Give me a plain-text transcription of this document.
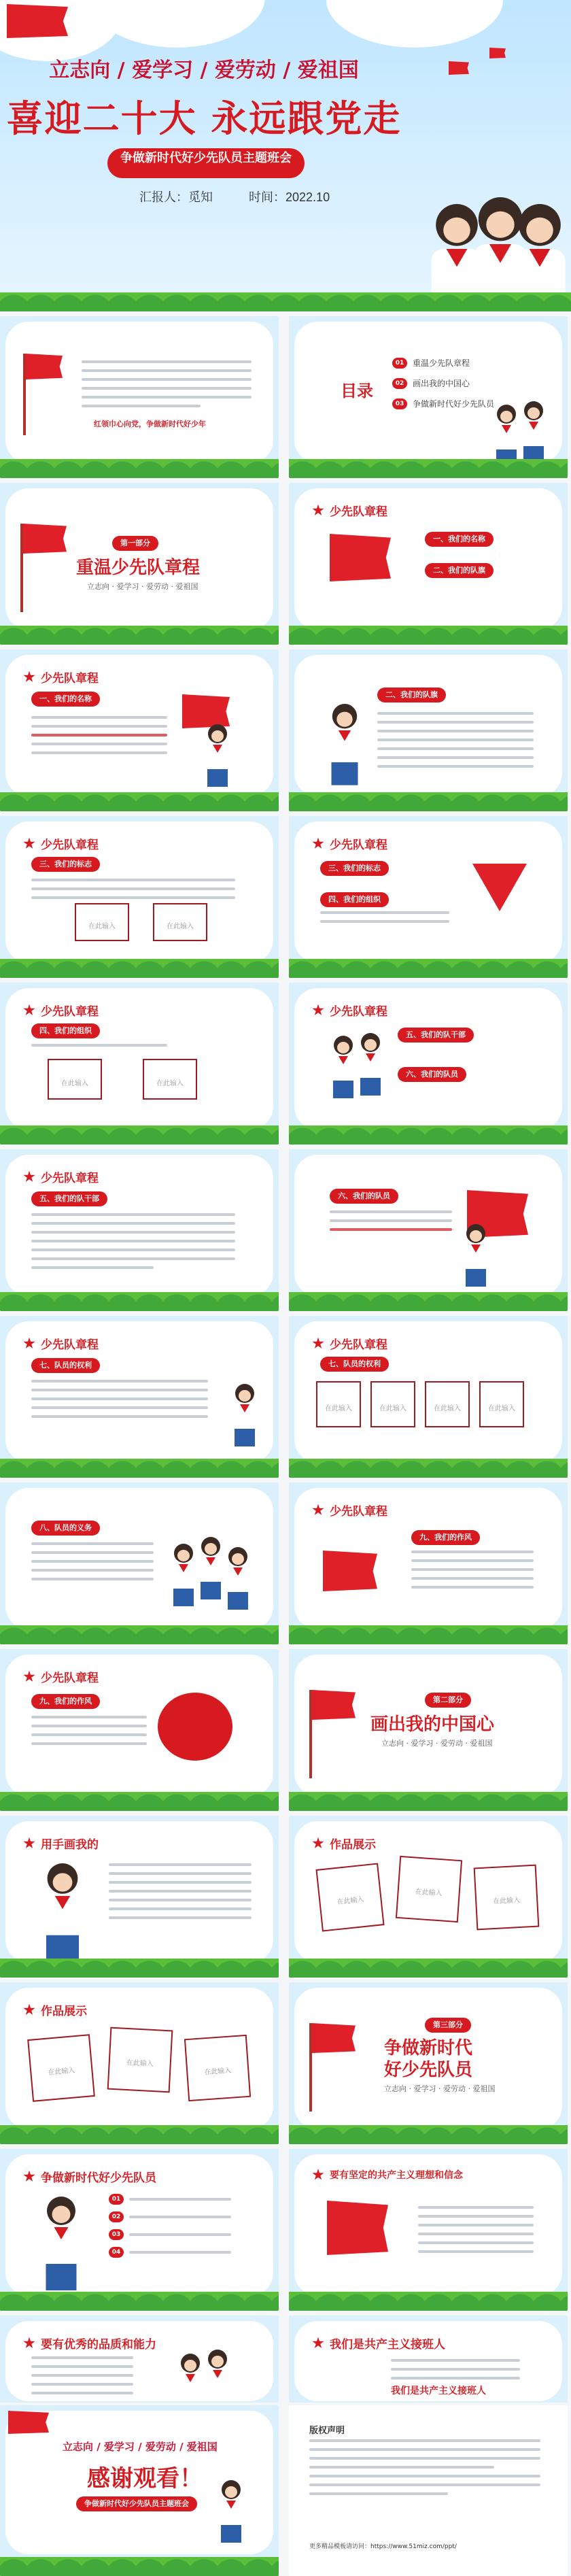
立志向 / 爱学习 / 爱劳动 / 爱祖国
喜迎二十大 永远跟党走
争做新时代好少先队员主题班会
汇报人：觅知	时间：2022.10
红领巾心向党，争做新时代好少年
目录
01	重温少先队章程
02	画出我的中国心
03	争做新时代好少先队员
第一部分
重温少先队章程
立志向 · 爱学习 · 爱劳动 · 爱祖国
少先队章程
一、我们的名称
二、我们的队旗
少先队章程
一、我们的名称	二、我们的队旗
少先队章程
三、我们的标志
在此输入	在此输入
少先队章程
三、我们的标志
四、我们的组织
少先队章程
四、我们的组织
在此输入	在此输入
少先队章程
五、我们的队干部
六、我们的队员
少先队章程
五、我们的队干部	六、我们的队员
少先队章程
七、队员的权利
少先队章程
七、队员的权利
在此输入	在此输入	在此输入	在此输入
八、队员的义务
少先队章程
九、我们的作风
少先队章程
九、我们的作风	第二部分
画出我的中国心
立志向 · 爱学习 · 爱劳动 · 爱祖国
用手画我的	作品展示
在此输入
在此输入
在此输入
作品展示
在此输入
在此输入
在此输入
第三部分
争做新时代
好少先队员
立志向 · 爱学习 · 爱劳动 · 爱祖国
争做新时代好少先队员
01
02
03
04
要有坚定的共产主义理想和信念
要有优秀的品质和能力	我们是共产主义接班人
我们是共产主义接班人
立志向 / 爱学习 / 爱劳动 / 爱祖国
感谢观看！
争做新时代好少先队员主题班会
版权声明
更多精品模板请访问：https://www.51miz.com/ppt/
